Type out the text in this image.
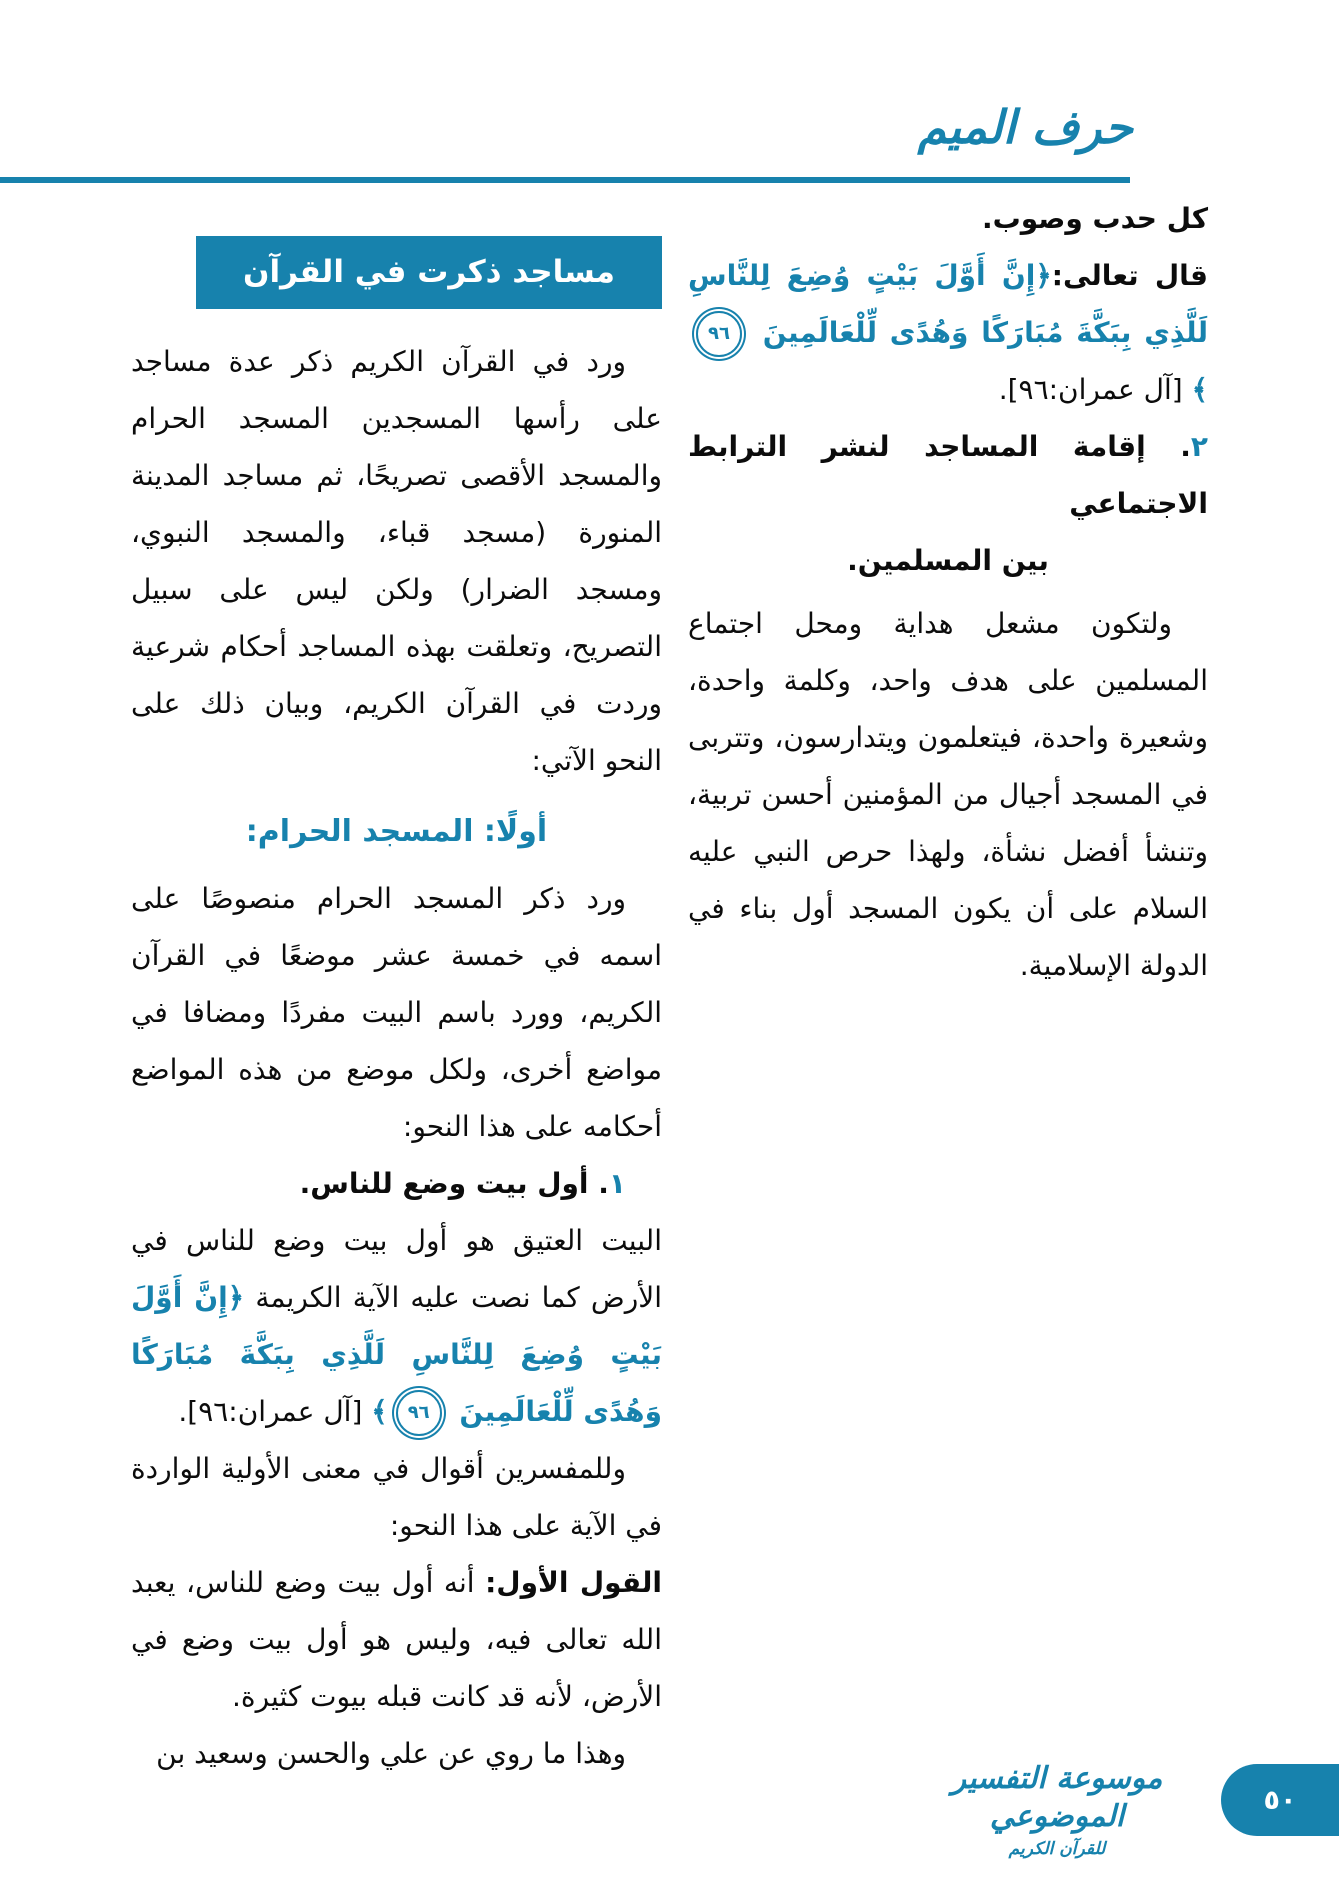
حرف الميم

كل حدب وصوب.

قال تعالى:﴿إِنَّ أَوَّلَ بَيْتٍ وُضِعَ لِلنَّاسِ لَلَّذِي بِبَكَّةَ مُبَارَكًا وَهُدًى لِّلْعَالَمِينَ ٩٦﴾ [آل عمران:٩٦].

٢. إقامة المساجد لنشر الترابط الاجتماعي

بين المسلمين.

ولتكون مشعل هداية ومحل اجتماع المسلمين على هدف واحد، وكلمة واحدة، وشعيرة واحدة، فيتعلمون ويتدارسون، وتتربى في المسجد أجيال من المؤمنين أحسن تربية، وتنشأ أفضل نشأة، ولهذا حرص النبي عليه السلام على أن يكون المسجد أول بناء في الدولة الإسلامية.

مساجد ذكرت في القرآن

ورد في القرآن الكريم ذكر عدة مساجد على رأسها المسجدين المسجد الحرام والمسجد الأقصى تصريحًا، ثم مساجد المدينة المنورة (مسجد قباء، والمسجد النبوي، ومسجد الضرار) ولكن ليس على سبيل التصريح، وتعلقت بهذه المساجد أحكام شرعية وردت في القرآن الكريم، وبيان ذلك على النحو الآتي:

أولًا: المسجد الحرام:

ورد ذكر المسجد الحرام منصوصًا على اسمه في خمسة عشر موضعًا في القرآن الكريم، وورد باسم البيت مفردًا ومضافا في مواضع أخرى، ولكل موضع من هذه المواضع أحكامه على هذا النحو:

١. أول بيت وضع للناس.

البيت العتيق هو أول بيت وضع للناس في الأرض كما نصت عليه الآية الكريمة ﴿إِنَّ أَوَّلَ بَيْتٍ وُضِعَ لِلنَّاسِ لَلَّذِي بِبَكَّةَ مُبَارَكًا وَهُدًى لِّلْعَالَمِينَ ٩٦﴾ [آل عمران:٩٦].

وللمفسرين أقوال في معنى الأولية الواردة في الآية على هذا النحو:

القول الأول: أنه أول بيت وضع للناس، يعبد الله تعالى فيه، وليس هو أول بيت وضع في الأرض، لأنه قد كانت قبله بيوت كثيرة.

وهذا ما روي عن علي والحسن وسعيد بن

موسوعة التفسير الموضوعي
للقرآن الكريم
٥٠
